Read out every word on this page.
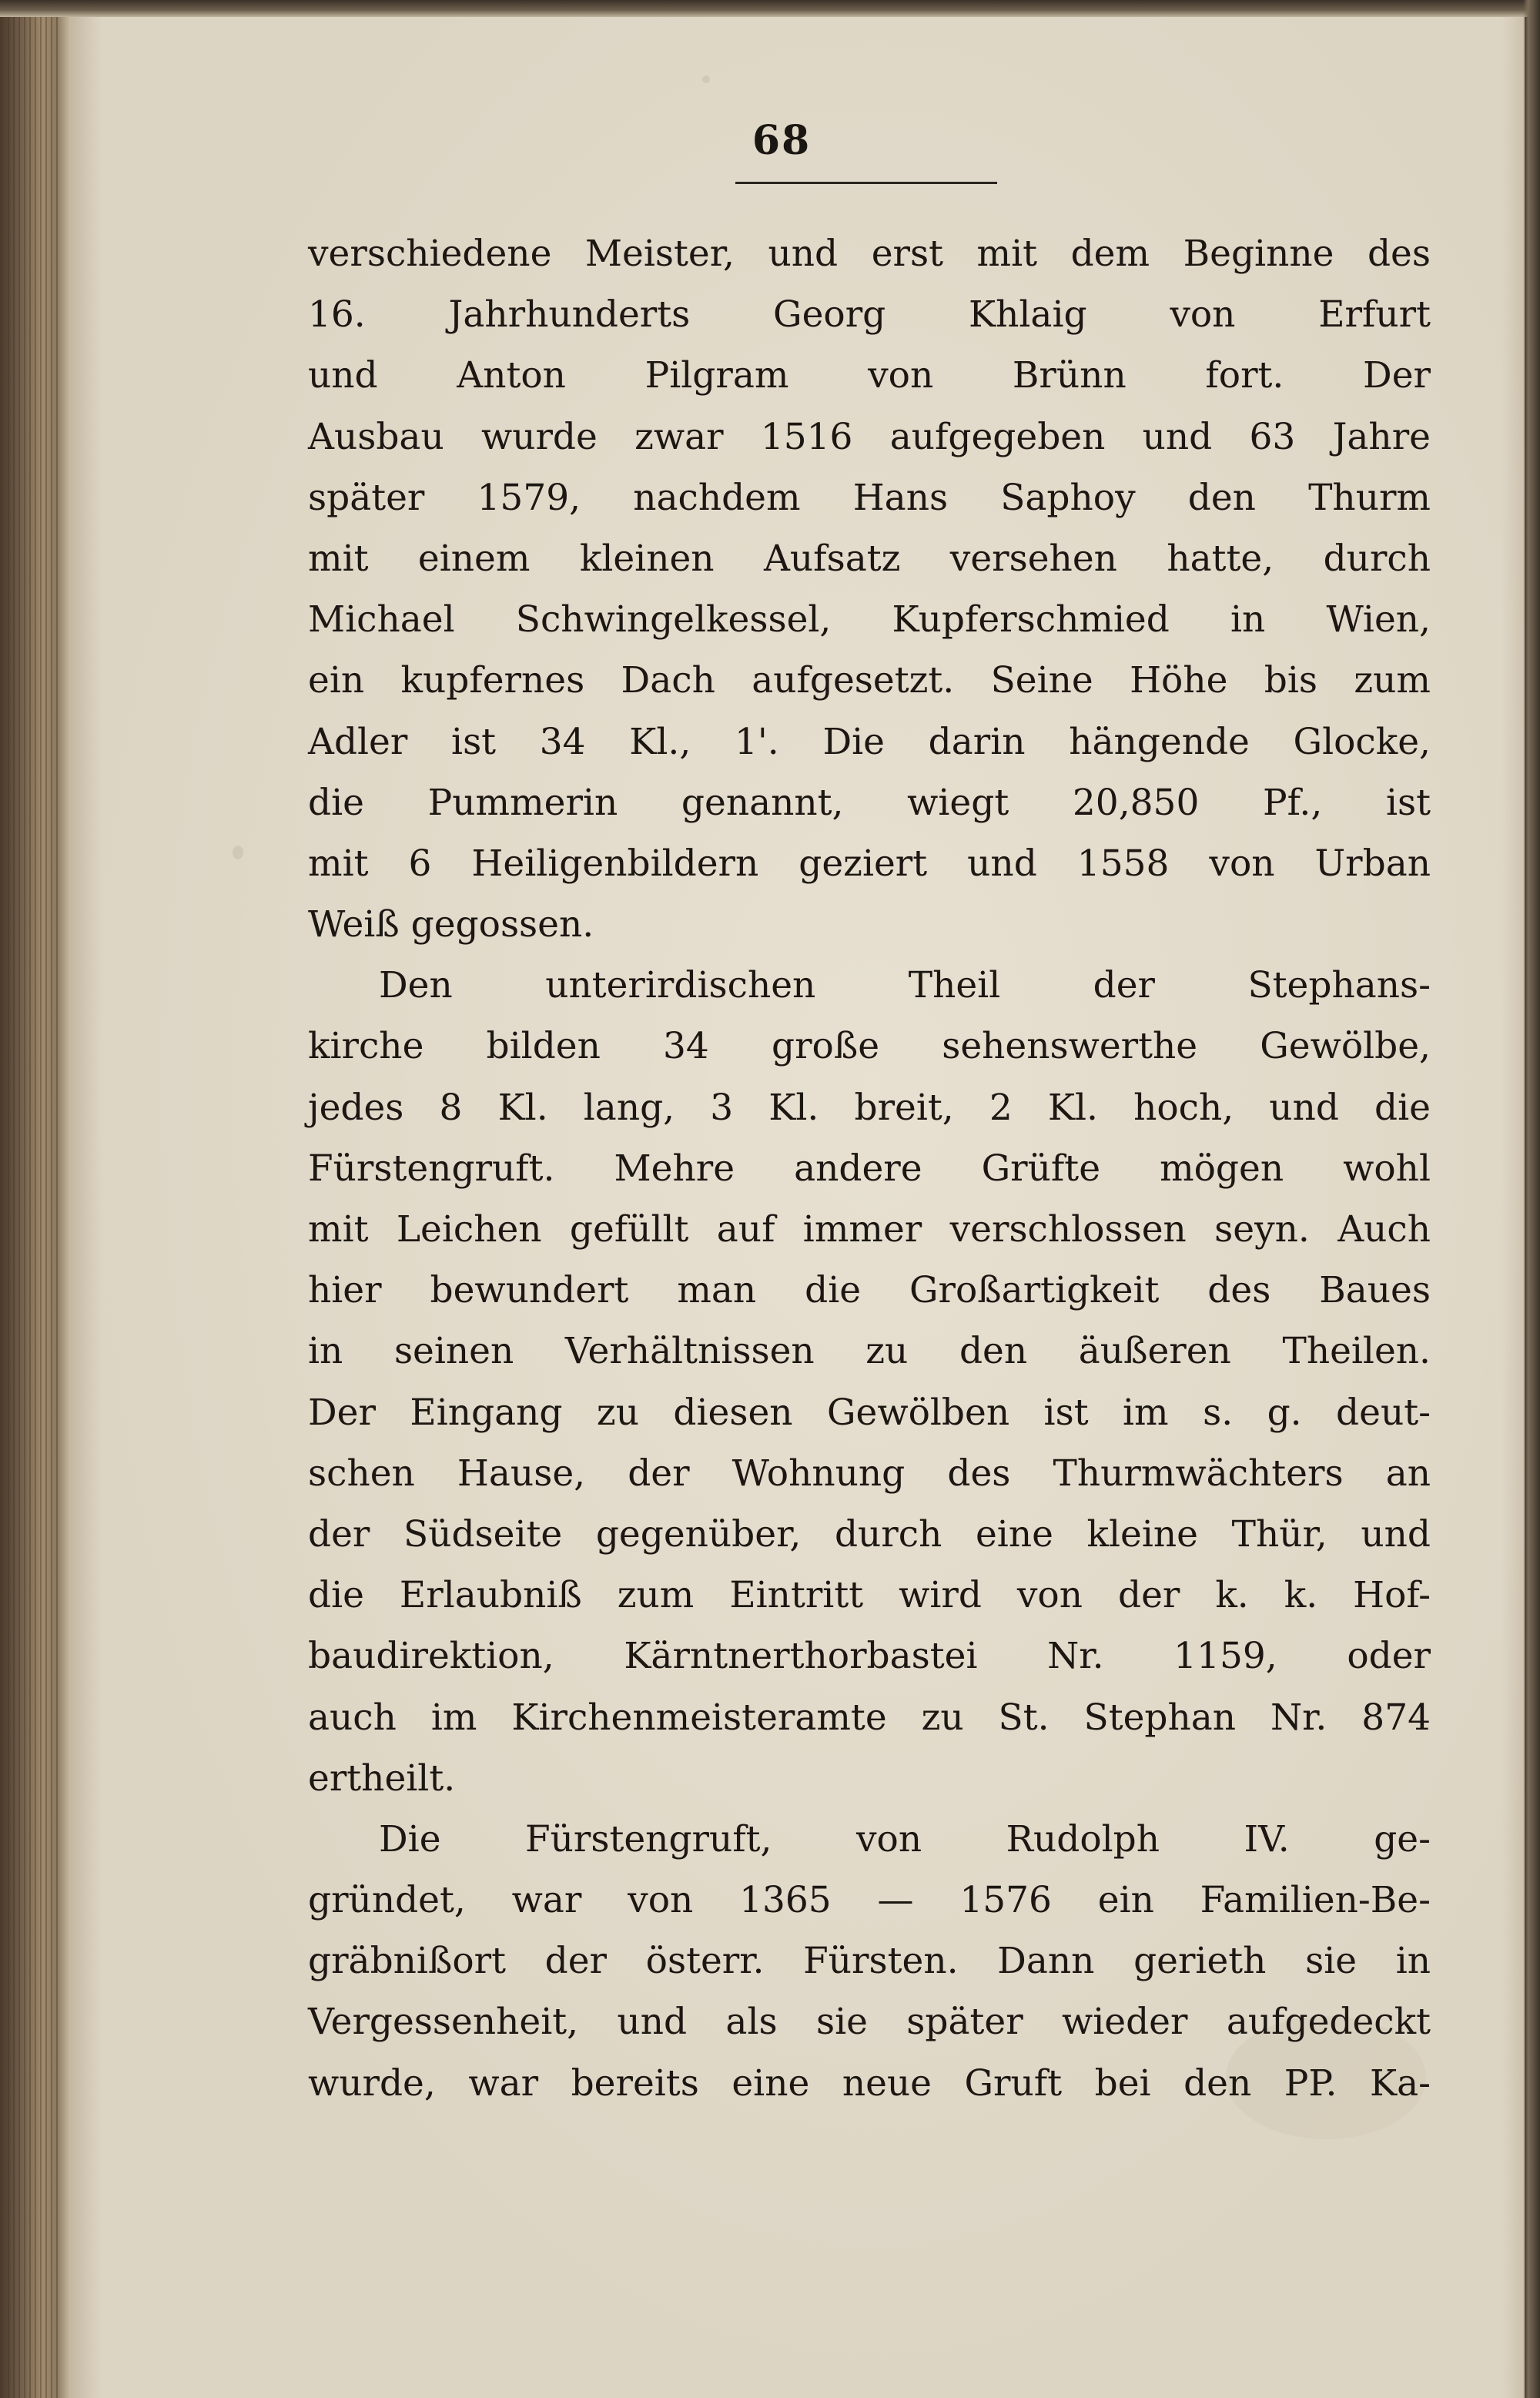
68
verschiedene Meister, und erst mit dem Beginne des
16. Jahrhunderts Georg Khlaig von Erfurt
und Anton Pilgram von Brünn fort. Der
Ausbau wurde zwar 1516 aufgegeben und 63 Jahre
später 1579, nachdem Hans Saphoy den Thurm
mit einem kleinen Aufsatz versehen hatte, durch
Michael Schwingelkessel, Kupferschmied in Wien,
ein kupfernes Dach aufgesetzt. Seine Höhe bis zum
Adler ist 34 Kl., 1'. Die darin hängende Glocke,
die Pummerin genannt, wiegt 20,850 Pf., ist
mit 6 Heiligenbildern geziert und 1558 von Urban
Weiß gegossen.
Den unterirdischen Theil der Stephans-
kirche bilden 34 große sehenswerthe Gewölbe,
jedes 8 Kl. lang, 3 Kl. breit, 2 Kl. hoch, und die
Fürstengruft. Mehre andere Grüfte mögen wohl
mit Leichen gefüllt auf immer verschlossen seyn. Auch
hier bewundert man die Großartigkeit des Baues
in seinen Verhältnissen zu den äußeren Theilen.
Der Eingang zu diesen Gewölben ist im s. g. deut-
schen Hause, der Wohnung des Thurmwächters an
der Südseite gegenüber, durch eine kleine Thür, und
die Erlaubniß zum Eintritt wird von der k. k. Hof-
baudirektion, Kärntnerthorbastei Nr. 1159, oder
auch im Kirchenmeisteramte zu St. Stephan Nr. 874
ertheilt.
Die Fürstengruft, von Rudolph IV. ge-
gründet, war von 1365 — 1576 ein Familien-Be-
gräbnißort der österr. Fürsten. Dann gerieth sie in
Vergessenheit, und als sie später wieder aufgedeckt
wurde, war bereits eine neue Gruft bei den PP. Ka-
